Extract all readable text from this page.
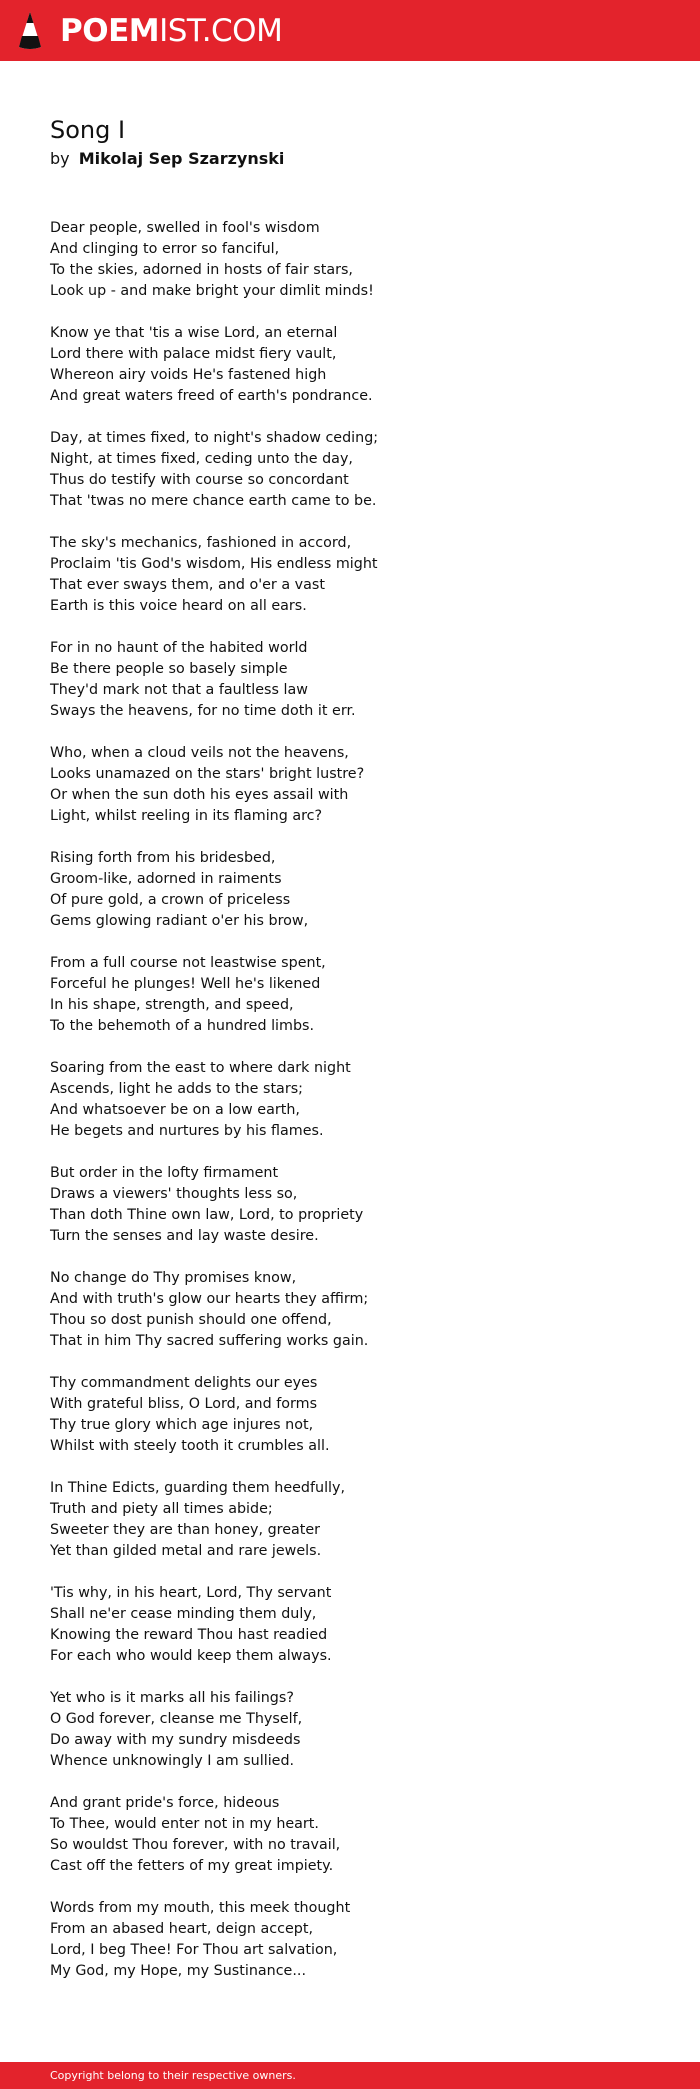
POEMIST.COM
Song I
by Mikolaj Sep Szarzynski
Dear people, swelled in fool's wisdom
And clinging to error so fanciful,
To the skies, adorned in hosts of fair stars,
Look up - and make bright your dimlit minds!
Know ye that 'tis a wise Lord, an eternal
Lord there with palace midst fiery vault,
Whereon airy voids He's fastened high
And great waters freed of earth's pondrance.
Day, at times fixed, to night's shadow ceding;
Night, at times fixed, ceding unto the day,
Thus do testify with course so concordant
That 'twas no mere chance earth came to be.
The sky's mechanics, fashioned in accord,
Proclaim 'tis God's wisdom, His endless might
That ever sways them, and o'er a vast
Earth is this voice heard on all ears.
For in no haunt of the habited world
Be there people so basely simple
They'd mark not that a faultless law
Sways the heavens, for no time doth it err.
Who, when a cloud veils not the heavens,
Looks unamazed on the stars' bright lustre?
Or when the sun doth his eyes assail with
Light, whilst reeling in its flaming arc?
Rising forth from his bridesbed,
Groom-like, adorned in raiments
Of pure gold, a crown of priceless
Gems glowing radiant o'er his brow,
From a full course not leastwise spent,
Forceful he plunges! Well he's likened
In his shape, strength, and speed,
To the behemoth of a hundred limbs.
Soaring from the east to where dark night
Ascends, light he adds to the stars;
And whatsoever be on a low earth,
He begets and nurtures by his flames.
But order in the lofty firmament
Draws a viewers' thoughts less so,
Than doth Thine own law, Lord, to propriety
Turn the senses and lay waste desire.
No change do Thy promises know,
And with truth's glow our hearts they affirm;
Thou so dost punish should one offend,
That in him Thy sacred suffering works gain.
Thy commandment delights our eyes
With grateful bliss, O Lord, and forms
Thy true glory which age injures not,
Whilst with steely tooth it crumbles all.
In Thine Edicts, guarding them heedfully,
Truth and piety all times abide;
Sweeter they are than honey, greater
Yet than gilded metal and rare jewels.
'Tis why, in his heart, Lord, Thy servant
Shall ne'er cease minding them duly,
Knowing the reward Thou hast readied
For each who would keep them always.
Yet who is it marks all his failings?
O God forever, cleanse me Thyself,
Do away with my sundry misdeeds
Whence unknowingly I am sullied.
And grant pride's force, hideous
To Thee, would enter not in my heart.
So wouldst Thou forever, with no travail,
Cast off the fetters of my great impiety.
Words from my mouth, this meek thought
From an abased heart, deign accept,
Lord, I beg Thee! For Thou art salvation,
My God, my Hope, my Sustinance...
Copyright belong to their respective owners.
